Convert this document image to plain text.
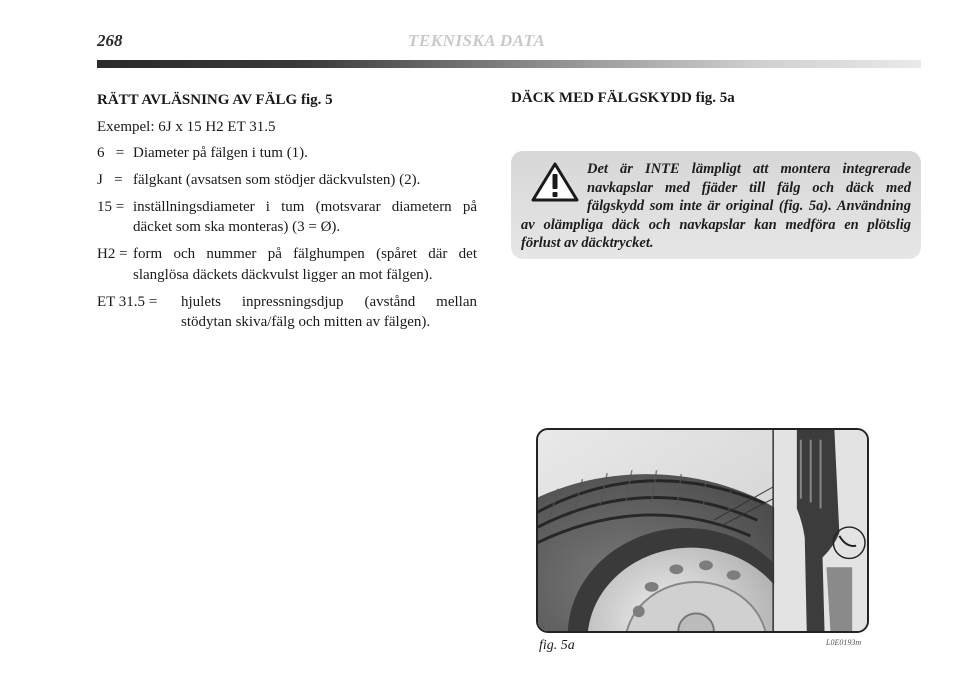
268	TEKNISKA DATA
RÄTT AVLÄSNING AV FÄLG fig. 5
Exempel: 6J x 15 H2 ET 31.5
6 = Diameter på fälgen i tum (1).
J = fälgkant (avsatsen som stödjer däckvulsten) (2).
15 = inställningsdiameter i tum (motsvarar diametern på däcket som ska monteras) (3 = Ø).
H2 = form och nummer på fälghumpen (spåret där det slanglösa däckets däckvulst ligger an mot fälgen).
ET 31.5 =	hjulets inpressningsdjup (avstånd mellan stödytan skiva/fälg och mitten av fälgen).
DÄCK MED FÄLGSKYDD fig. 5a
Det är INTE lämpligt att montera integrerade navkapslar med fjäder till fälg och däck med fälgskydd som inte är original (fig. 5a). Användning av olämpliga däck och navkapslar kan medföra en plötslig förlust av däcktrycket.
fig. 5a	L0E0193m
